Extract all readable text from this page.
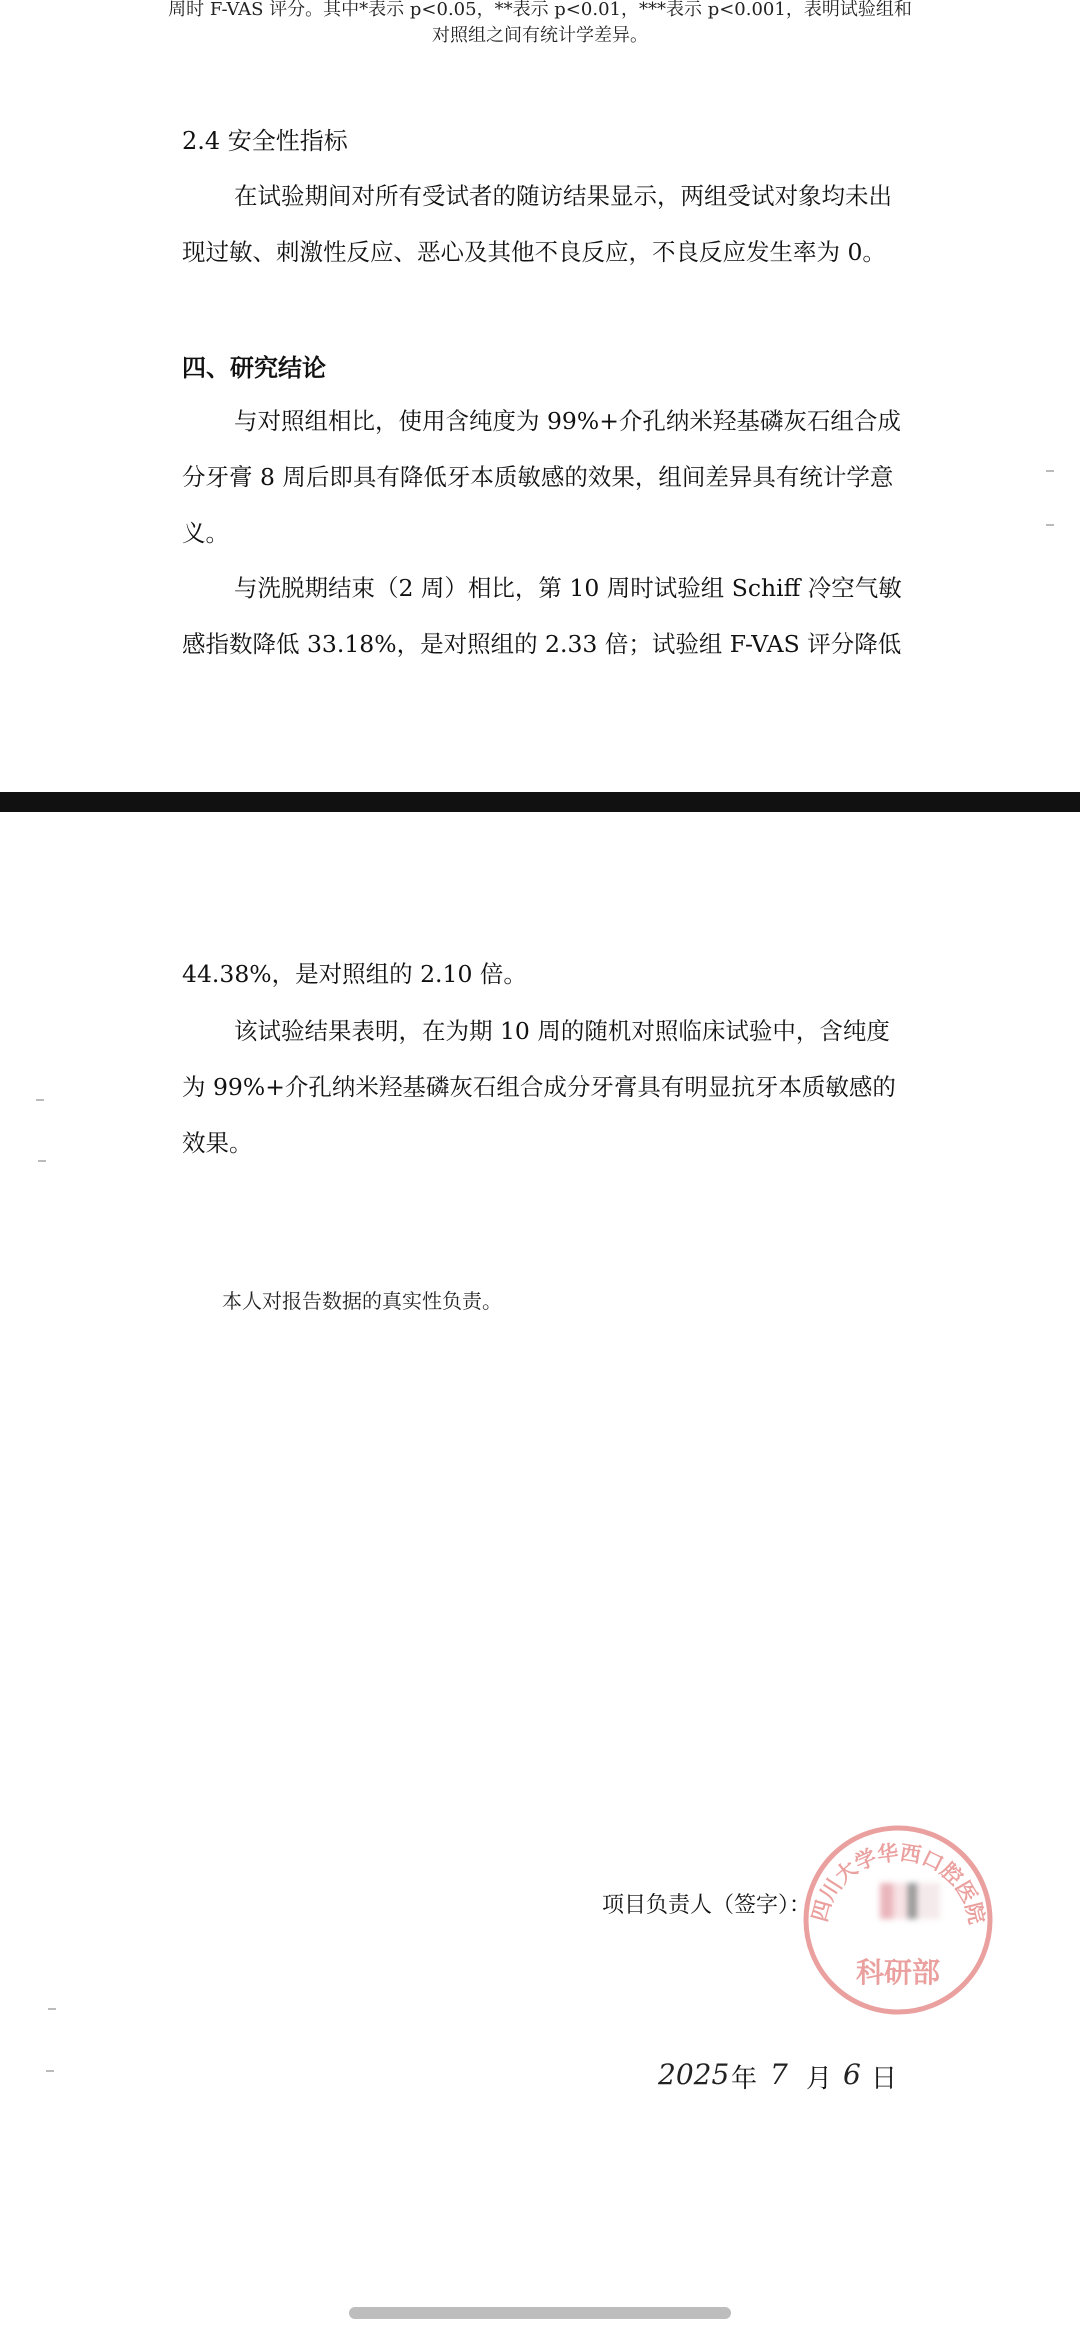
周时 F-VAS 评分。其中*表示 p<0.05，**表示 p<0.01，***表示 p<0.001，表明试验组和
对照组之间有统计学差异。
2.4 安全性指标
在试验期间对所有受试者的随访结果显示，两组受试对象均未出
现过敏、刺激性反应、恶心及其他不良反应，不良反应发生率为 0。
四、研究结论
与对照组相比，使用含纯度为 99%+介孔纳米羟基磷灰石组合成
分牙膏 8 周后即具有降低牙本质敏感的效果，组间差异具有统计学意
义。
与洗脱期结束（2 周）相比，第 10 周时试验组 Schiff 冷空气敏
感指数降低 33.18%，是对照组的 2.33 倍；试验组 F-VAS 评分降低
44.38%，是对照组的 2.10 倍。
该试验结果表明，在为期 10 周的随机对照临床试验中，含纯度
为 99%+介孔纳米羟基磷灰石组合成分牙膏具有明显抗牙本质敏感的
效果。
本人对报告数据的真实性负责。
项目负责人（签字）：
四川大学华西口腔医院
科研部
2025 年 7 月 6 日
